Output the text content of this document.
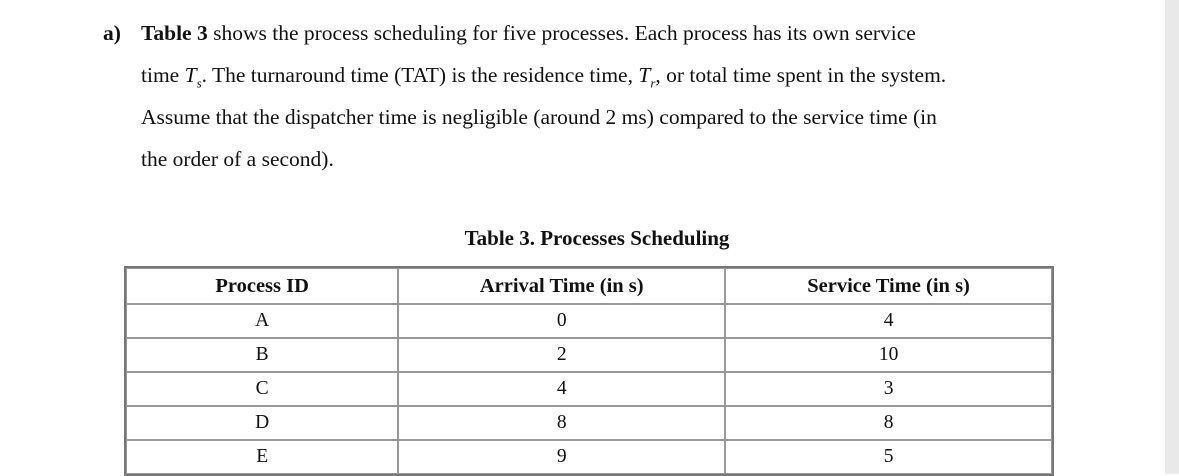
a) Table 3 shows the process scheduling for five processes. Each process has its own service
time $T_s$. The turnaround time (TAT) is the residence time, $T_r$, or total time spent in the system.
Assume that the dispatcher time is negligible (around 2 ms) compared to the service time (in
the order of a second).
Table 3. Processes Scheduling
Process ID	Arrival Time (in s)	Service Time (in s)
A	0	4
B	2	10
C	4	3
D	8	8
E	9	5
